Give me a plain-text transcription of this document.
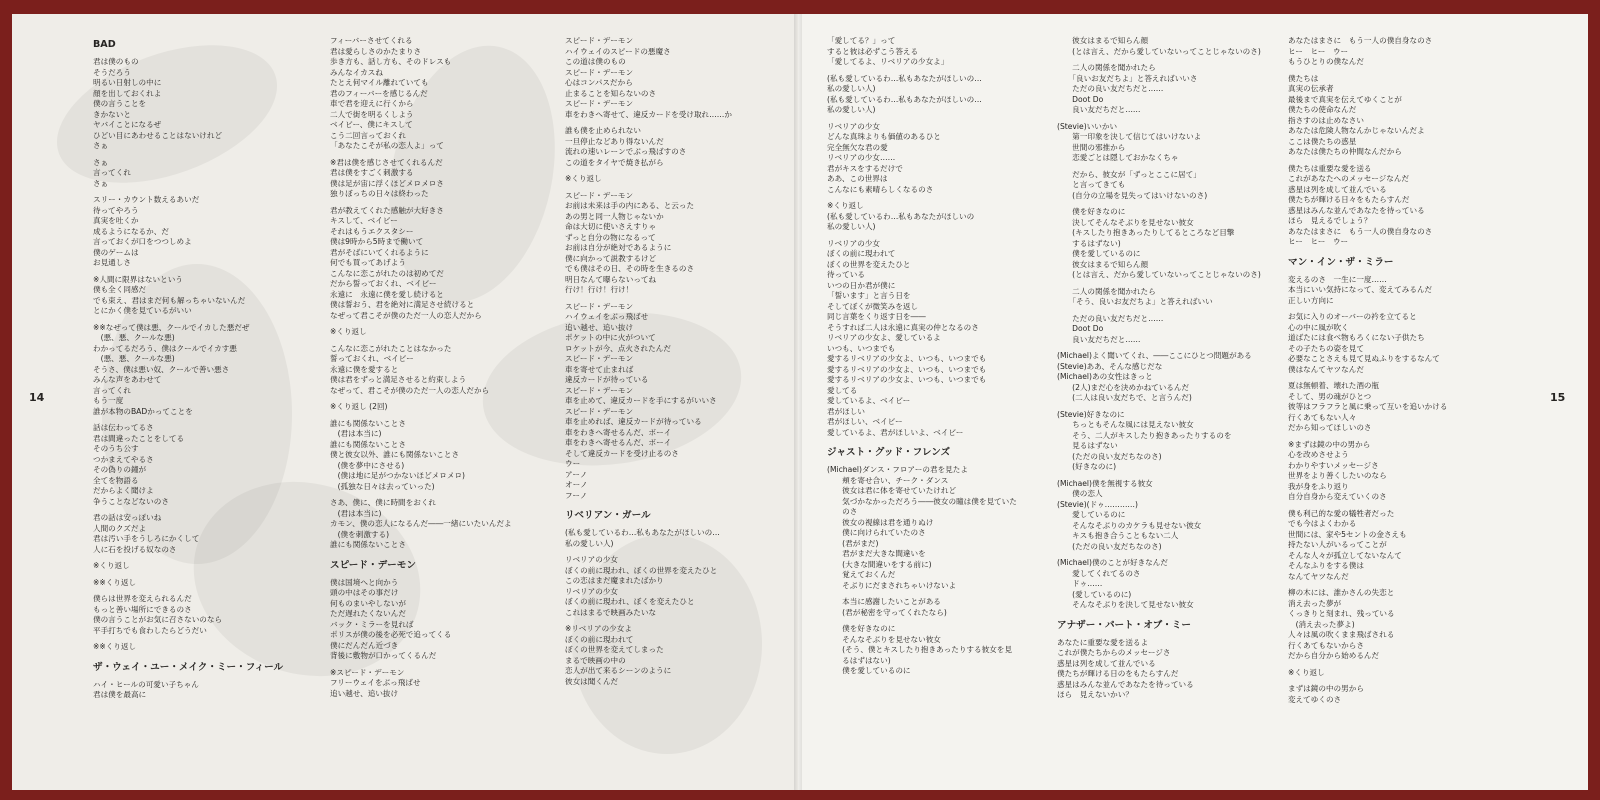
14	15
BAD
君は僕のもの
そうだろう
明るい日射しの中に
顔を出しておくれよ
僕の言うことを
きかないと
ヤバイことになるぜ
ひどい目にあわせることはないけれど
さぁ
さぁ
言ってくれ
さぁ
スリー・カウント数えるあいだ
待ってやろう
真実を吐くか
成るようになるか、だ
言っておくが口をつつしめよ
僕のゲームは
お見通しさ
※人間に限界はないという
僕も全く同感だ
でも束え、君はまだ何も解っちゃいないんだ
とにかく僕を見ているがいい
※※なぜって僕は悪、クールでイカした悪だぜ
　(悪、悪、クールな悪)
わかってるだろう、僕はクールでイカす悪
　(悪、悪、クールな悪)
そうさ、僕は悪い奴、クールで善い悪さ
みんな声をあわせて
言ってくれ
もう一度
誰が本物のBADかってことを
話は伝わってるさ
君は間違ったことをしてる
そのうち公す
つかまえてやるさ
その偽りの鐘が
全てを物語る
だからよく聞けよ
争うことなどないのさ
君の話は安っぽいね
人間のクズだよ
君は汚い手をうしろにかくして
人に石を投げる奴なのさ
※くり返し
※※くり返し
僕らは世界を変えられるんだ
もっと善い場所にできるのさ
僕の言うことがお気に召さないのなら
平手打ちでも食わしたらどうだい
※※くり返し
ザ・ウェイ・ユー・メイク・ミー・フィール
ハイ・ヒールの可愛い子ちゃん
君は僕を最高に
フィーバーさせてくれる
君は愛らしさのかたまりさ
歩き方も、話し方も、そのドレスも
みんなイカスね
たとえ何マイル離れていても
君のフィーバーを感じるんだ
車で君を迎えに行くから
二人で街を明るくしよう
ベイビー、僕にキスして
こう二回言っておくれ
「あなたこそが私の恋人よ」って
※君は僕を感じさせてくれるんだ
君は僕をすごく刺激する
僕は足が宙に浮くほどメロメロさ
独りぼっちの日々は終わった
君が教えてくれた感触が大好きさ
キスして、ベイビー
それはもうエクスタシー
僕は9時から5時まで働いて
君がそばにいてくれるように
何でも買ってあげよう
こんなに恋こがれたのは初めてだ
だから誓っておくれ、ベイビー
永遠に　永遠に僕を愛し続けると
僕は誓おう、君を絶対に満足させ続けると
なぜって君こそが僕のただ一人の恋人だから
※くり返し
こんなに恋こがれたことはなかった
誓っておくれ、ベイビー
永遠に僕を愛すると
僕は君をずっと満足させると約束しよう
なぜって、君こそが僕のただ一人の恋人だから
※くり返し (2回)
誰にも関係ないことさ
　(君は本当に)
誰にも関係ないことさ
僕と彼女以外、誰にも関係ないことさ
　(僕を夢中にさせる)
　(僕は地に足がつかないほどメロメロ)
　(孤独な日々は去っていった)
さあ、僕に、僕に時間をおくれ
　(君は本当に)
カモン、僕の恋人になるんだ――一緒にいたいんだよ
　(僕を刺激する)
誰にも関係ないことさ
スピード・デーモン
僕は国境へと向かう
頭の中はその事だけ
何ものまいやしないが
ただ遅れたくないんだ
バック・ミラーを見れば
ポリスが僕の後を必死で追ってくる
僕にだんだん近づき
背後に敷物が口かってくるんだ
※スピード・デーモン
フリーウェイをぶっ飛ばせ
追い越せ、追い抜け
スピード・デーモン
ハイウェイのスピードの悪魔さ
この道は僕のもの
スピード・デーモン
心はコンパスだから
止まることを知らないのさ
スピード・デーモン
車をわきへ寄せて、違反カードを受け取れ……か
誰も僕を止められない
一旦停止などあり得ないんだ
流れの速いレーンでぶっ飛ばすのさ
この道をタイヤで焼き払がら
※くり返し
スピード・デーモン
お前は未来は手の内にある、と云った
あの男と同一人物じゃないか
命は大切に使いさえすりゃ
ずっと自分の物になるって
お前は自分が絶対であるように
僕に向かって説教するけど
でも僕はその日、その時を生きるのさ
明日なんて曝らないってね
行け！行け！行け！
スピード・デーモン
ハイウェイをぶっ飛ばせ
追い越せ、追い抜け
ポケットの中に火がついて
ロケットが今、点火されたんだ
スピード・デーモン
車を寄せて止まれば
違反カードが待っている
スピード・デーモン
車を止めて、違反カードを手にするがいいさ
スピード・デーモン
車を止めれば、違反カードが待っている
車をわきへ寄せるんだ、ボーイ
車をわきへ寄せるんだ、ボーイ
そして違反カードを受け止るのさ
ウー
アーノ
オーノ
フーノ
リベリアン・ガール
(私も愛しているわ…私もあなたがほしいの…
私の愛しい人)
リベリアの少女
ぼくの前に現われ、ぼくの世界を変えたひと
この恋はまだ魔まれたばかり
リベリアの少女
ぼくの前に現われ、ぼくを変えたひと
これはまるで映画みたいな
※リベリアの少女よ
ぼくの前に現われて
ぼくの世界を変えてしまった
まるで映画の中の
恋人が出て来るシーンのように
彼女は聞くんだ
「愛してる？」って
すると彼は必ずこう答える
「愛してるよ、リベリアの少女よ」
(私も愛しているわ…私もあなたがほしいの…
私の愛しい人)
(私も愛しているわ…私もあなたがほしいの…
私の愛しい人)
リベリアの少女
どんな真珠よりも価値のあるひと
完全無欠な君の愛
リベリアの少女……
君がキスをするだけで
ああ、この世界は
こんなにも素晴らしくなるのさ
※くり返し
(私も愛しているわ…私もあなたがほしいの
私の愛しい人)
リベリアの少女
ぼくの前に現われて
ぼくの世界を変えたひと
待っている
いつの日か君が僕に
「誓います」と言う日を
そしてぼくが微笑みを返し
同じ言葉をくり返す日を――
そうすれば二人は永遠に真実の仲となるのさ
リベリアの少女よ、愛しているよ
いつも、いつまでも
愛するリベリアの少女よ、いつも、いつまでも
愛するリベリアの少女よ、いつも、いつまでも
愛するリベリアの少女よ、いつも、いつまでも
愛してる
愛しているよ、ベイビー
君がほしい
君がほしい、ベイビー
愛しているよ、君がほしいよ、ベイビー
ジャスト・グッド・フレンズ
(Michael)ダンス・フロアーの君を見たよ
　　頬を寄せ合い、チーク・ダンス
　　彼女は君に体を寄せていたけれど
　　気づかなかっただろう――彼女の瞳は僕を見ていた
　　のさ
　　彼女の視線は君を通りぬけ
　　僕に向けられていたのさ
　　(君がまだ)
　　君がまだ大きな間違いを
　　(大きな間違いをする前に)
　　覚えておくんだ
　　そぶりにだまされちゃいけないよ
　　本当に感謝したいことがある
　　(君が秘密を守ってくれたなら)
　　僕を好きなのに
　　そんなそぶりを見せない彼女
　　(そう、僕とキスしたり抱きあったりする彼女を見
　　るはずはない)
　　僕を愛しているのに
　　彼女はまるで知らん顔
　　(とは言え、だから愛していないってことじゃないのさ)
　　二人の関係を聞かれたら
　　「良いお友だちよ」と答えればいいさ
　　ただの良い友だちだと……
　　Doot Do
　　良い友だちだと……
(Stevie)いいかい
　　第一印象を決して信じてはいけないよ
　　世間の邪推から
　　恋愛ごとは隠しておかなくちゃ
　　だから、彼女が「ずっとここに居て」
　　と言ってきても
　　(自分の立場を見失ってはいけないのさ)
　　僕を好きなのに
　　決してそんなそぶりを見せない彼女
　　(キスしたり抱きあったりしてるところなど目撃
　　するはずない)
　　僕を愛しているのに
　　彼女はまるで知らん顔
　　(とは言え、だから愛していないってことじゃないのさ)
　　二人の関係を聞かれたら
　　「そう、良いお友だちよ」と答えればいい
　　ただの良い友だちだと……
　　Doot Do
　　良い友だちだと……
(Michael)よく聞いてくれ、――ここにひとつ問題がある
(Stevie)ああ、そんな感じだな
(Michael)あの女性はきっと
　　(2人)まだ心を決めかねているんだ
　　(二人は良い友だちで、と言うんだ)
(Stevie)好きなのに
　　ちっともそんな風には見えない彼女
　　そう、二人がキスしたり抱きあったりするのを
　　見るはずない
　　(ただの良い友だちなのさ)
　　(好きなのに)
(Michael)僕を無視する彼女
　　僕の恋人
(Stevie)(ドゥ…………)
　　愛しているのに
　　そんなそぶりのカケラも見せない彼女
　　キスも抱き合うこともない二人
　　(ただの良い友だちなのさ)
(Michael)僕のことが好きなんだ
　　愛してくれてるのさ
　　ドゥ……
　　(愛しているのに)
　　そんなそぶりを決して見せない彼女
アナザー・パート・オブ・ミー
あなたに重要な愛を送るよ
これが僕たちからのメッセージさ
惑星は列を成して並んでいる
僕たちが輝ける日のをもたらすんだ
惑星はみんな並んであなたを待っている
ほら　見えないかい？
あなたはまさに　もう一人の僕自身なのさ
ヒー　ヒー　ウー
もうひとりの僕なんだ
僕たちは
真実の伝承者
最後まで真実を伝えてゆくことが
僕たちの使命なんだ
指さすのは止めなさい
あなたは危険人物なんかじゃないんだよ
ここは僕たちの惑星
あなたは僕たちの仲間なんだから
僕たちは重要な愛を送る
これがあなたへのメッセージなんだ
惑星は列を成して並んでいる
僕たちが輝ける日々をもたらすんだ
惑星はみんな並んであなたを待っている
ほら　見えるでしょう？
あなたはまさに　もう一人の僕自身なのさ
ヒー　ヒー　ウー
マン・イン・ザ・ミラー
変えるのさ　一生に一度……
本当にいい気持になって、変えてみるんだ
正しい方向に
お気に入りのオーバーの衿を立てると
心の中に風が吹く
道ばたには食べ物もろくにない子供たち
その子たちの姿を見て
必要なことさえも見て見ぬふりをするなんて
僕はなんてヤツなんだ
夏は無頓着、壊れた酒の瓶
そして、男の魂がひとつ
彼等はフラフラと風に乗って互いを追いかける
行くあてもない人々
だから知ってほしいのさ
※まずは鏡の中の男から
心を改めさせよう
わかりやすいメッセージさ
世界をより善くしたいのなら
我が身をふり返り
自分自身から変えていくのさ
僕も利己的な愛の犠牲者だった
でも今はよくわかる
世間には、家や5セントの金さえも
持たない人がいるってことが
そんな人々が孤立してないなんて
そんなふりをする僕は
なんてヤツなんだ
柳の木には、誰かさんの失恋と
消え去った夢が
くっきりと刻まれ、残っている
　(消え去った夢よ)
人々は風の吹くまま飛ばされる
行くあてもないからさ
だから自分から始めるんだ
※くり返し
まずは鏡の中の男から
変えてゆくのさ
